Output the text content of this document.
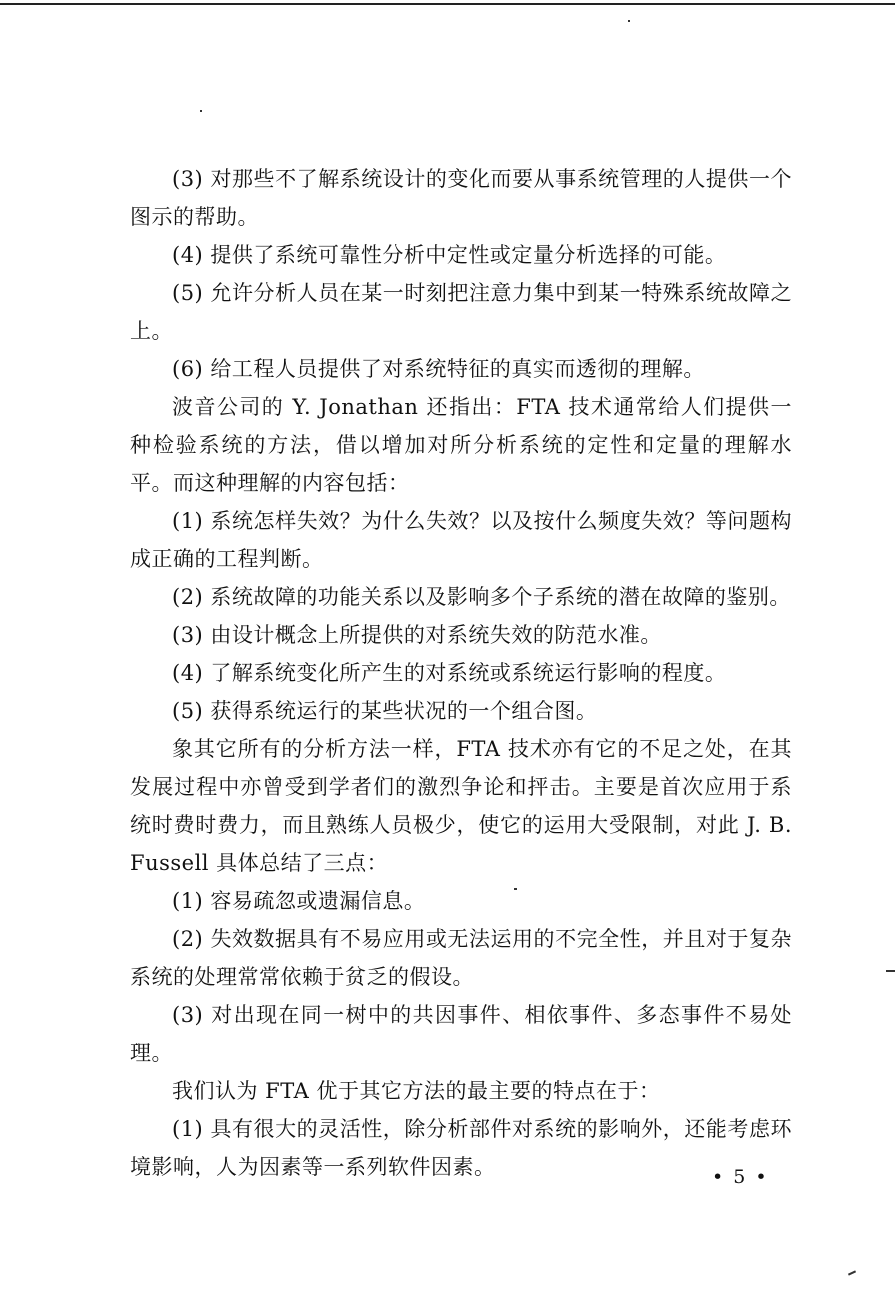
(3) 对那些不了解系统设计的变化而要从事系统管理的人提供一个图示的帮助。

(4) 提供了系统可靠性分析中定性或定量分析选择的可能。

(5) 允许分析人员在某一时刻把注意力集中到某一特殊系统故障之上。

(6) 给工程人员提供了对系统特征的真实而透彻的理解。

波音公司的 Y. Jonathan 还指出：FTA 技术通常给人们提供一种检验系统的方法，借以增加对所分析系统的定性和定量的理解水平。而这种理解的内容包括：

(1) 系统怎样失效？为什么失效？以及按什么频度失效？等问题构成正确的工程判断。

(2) 系统故障的功能关系以及影响多个子系统的潜在故障的鉴别。

(3) 由设计概念上所提供的对系统失效的防范水准。

(4) 了解系统变化所产生的对系统或系统运行影响的程度。

(5) 获得系统运行的某些状况的一个组合图。

象其它所有的分析方法一样，FTA 技术亦有它的不足之处，在其发展过程中亦曾受到学者们的激烈争论和抨击。主要是首次应用于系统时费时费力，而且熟练人员极少，使它的运用大受限制，对此 J. B. Fussell 具体总结了三点：

(1) 容易疏忽或遗漏信息。

(2) 失效数据具有不易应用或无法运用的不完全性，并且对于复杂系统的处理常常依赖于贫乏的假设。

(3) 对出现在同一树中的共因事件、相依事件、多态事件不易处理。

我们认为 FTA 优于其它方法的最主要的特点在于：

(1) 具有很大的灵活性，除分析部件对系统的影响外，还能考虑环境影响，人为因素等一系列软件因素。	• 5 •
